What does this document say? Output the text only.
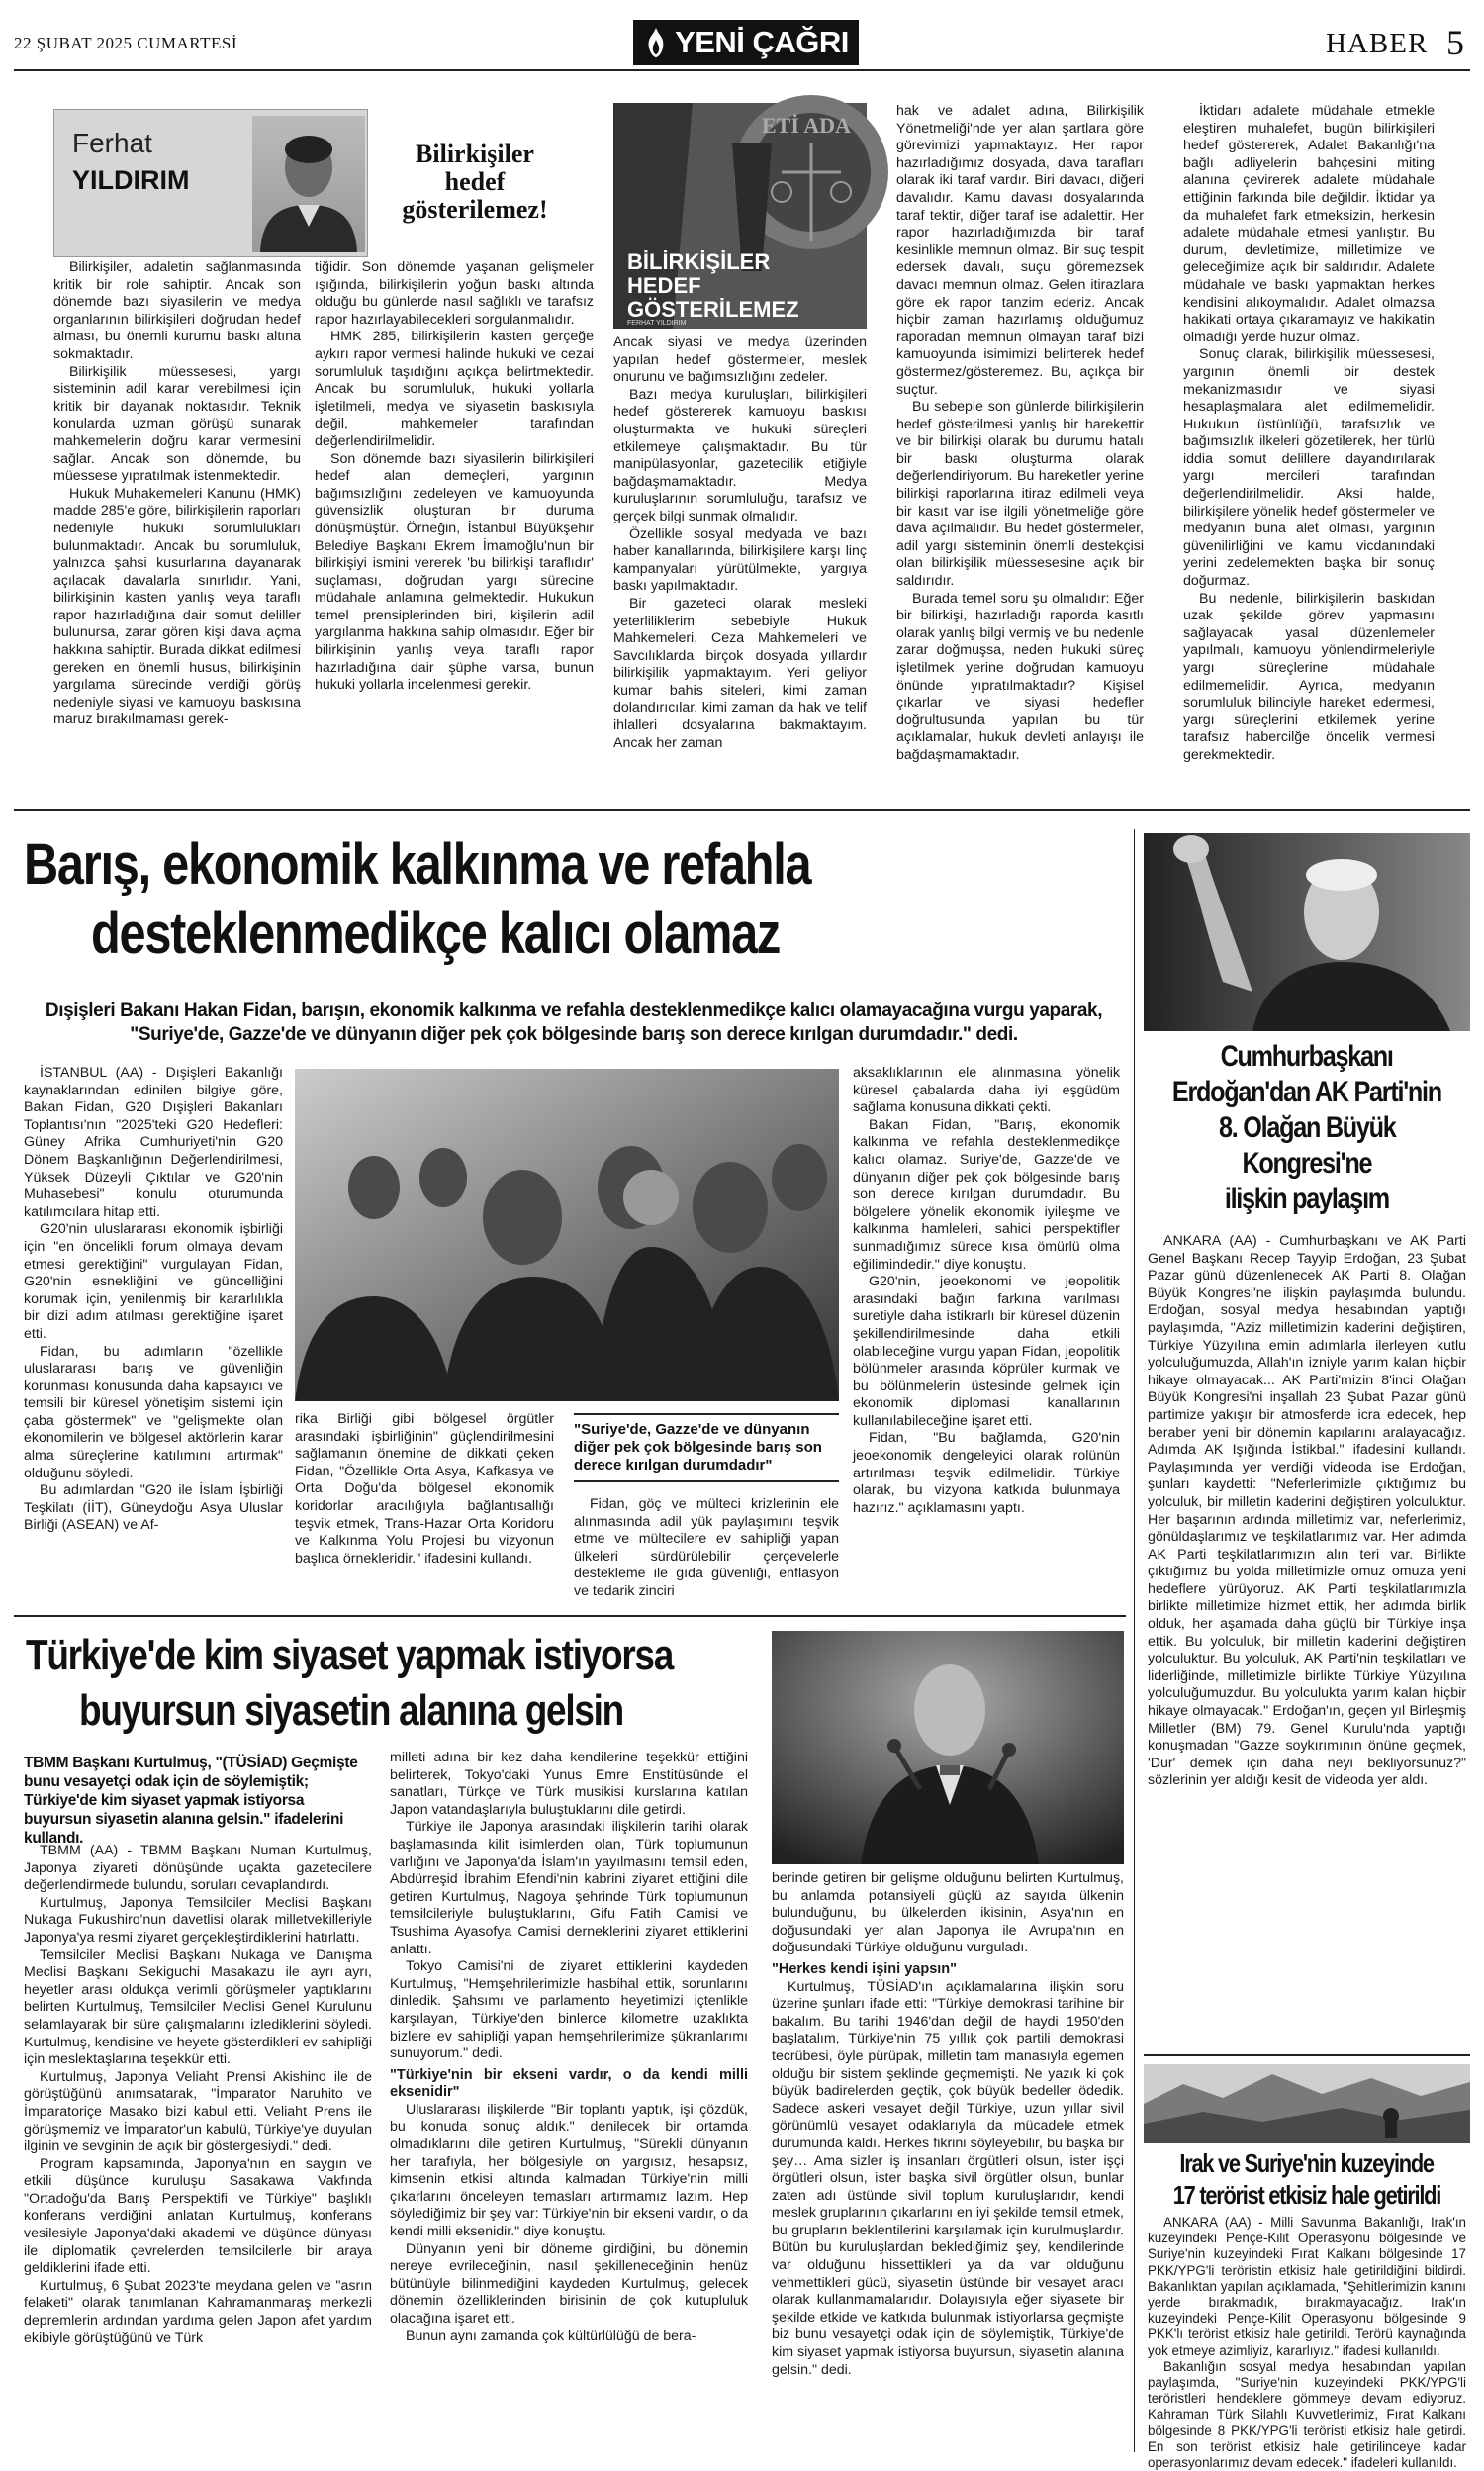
22 ŞUBAT 2025 CUMARTESİ	YENİ ÇAĞRI	HABER 5
Ferhat
YILDIRIM
Bilirkişiler
hedef
gösterilemez!
ETİ ADA
BİLİRKİŞİLER
HEDEF
GÖSTERİLEMEZ
FERHAT YILDIRIM

Bilirkişiler, adaletin sağlanmasında kritik bir role sahiptir. Ancak son dönemde bazı siyasilerin ve medya organlarının bilirkişileri doğrudan hedef alması, bu önemli kurumu baskı altına sokmaktadır.

Bilirkişilik müessesesi, yargı sisteminin adil karar verebilmesi için kritik bir dayanak noktasıdır. Teknik konularda uzman görüşü sunarak mahkemelerin doğru karar vermesini sağlar. Ancak son dönemde, bu müessese yıpratılmak istenmektedir.

Hukuk Muhakemeleri Kanunu (HMK) madde 285'e göre, bilirkişilerin raporları nedeniyle hukuki sorumlulukları bulunmaktadır. Ancak bu sorumluluk, yalnızca şahsi kusurlarına dayanarak açılacak davalarla sınırlıdır. Yani, bilirkişinin kasten yanlış veya taraflı rapor hazırladığına dair somut deliller bulunursa, zarar gören kişi dava açma hakkına sahiptir. Burada dikkat edilmesi gereken en önemli husus, bilirkişinin yargılama sürecinde verdiği görüş nedeniyle siyasi ve kamuoyu baskısına maruz bırakılmaması gerek-

tiğidir. Son dönemde yaşanan gelişmeler ışığında, bilirkişilerin yoğun baskı altında olduğu bu günlerde nasıl sağlıklı ve tarafsız rapor hazırlayabilecekleri sorgulanmalıdır.

HMK 285, bilirkişilerin kasten gerçeğe aykırı rapor vermesi halinde hukuki ve cezai sorumluluk taşıdığını açıkça belirtmektedir. Ancak bu sorumluluk, hukuki yollarla işletilmeli, medya ve siyasetin baskısıyla değil, mahkemeler tarafından değerlendirilmelidir.

Son dönemde bazı siyasilerin bilirkişileri hedef alan demeçleri, yargının bağımsızlığını zedeleyen ve kamuoyunda güvensizlik oluşturan bir duruma dönüşmüştür. Örneğin, İstanbul Büyükşehir Belediye Başkanı Ekrem İmamoğlu'nun bir bilirkişiyi ismini vererek 'bu bilirkişi taraflıdır' suçlaması, doğrudan yargı sürecine müdahale anlamına gelmektedir. Hukukun temel prensiplerinden biri, kişilerin adil yargılanma hakkına sahip olmasıdır. Eğer bir bilirkişinin yanlış veya taraflı rapor hazırladığına dair şüphe varsa, bunun hukuki yollarla incelenmesi gerekir.

Ancak siyasi ve medya üzerinden yapılan hedef göstermeler, meslek onurunu ve bağımsızlığını zedeler.

Bazı medya kuruluşları, bilirkişileri hedef göstererek kamuoyu baskısı oluşturmakta ve hukuki süreçleri etkilemeye çalışmaktadır. Bu tür manipülasyonlar, gazetecilik etiğiyle bağdaşmamaktadır. Medya kuruluşlarının sorumluluğu, tarafsız ve gerçek bilgi sunmak olmalıdır.

Özellikle sosyal medyada ve bazı haber kanallarında, bilirkişilere karşı linç kampanyaları yürütülmekte, yargıya baskı yapılmaktadır.

Bir gazeteci olarak mesleki yeterliliklerim sebebiyle Hukuk Mahkemeleri, Ceza Mahkemeleri ve Savcılıklarda birçok dosyada yıllardır bilirkişilik yapmaktayım. Yeri geliyor kumar bahis siteleri, kimi zaman dolandırıcılar, kimi zaman da hak ve telif ihlalleri dosyalarına bakmaktayım. Ancak her zaman

hak ve adalet adına, Bilirkişilik Yönetmeliği'nde yer alan şartlara göre görevimizi yapmaktayız. Her rapor hazırladığımız dosyada, dava tarafları olarak iki taraf vardır. Biri davacı, diğeri davalıdır. Kamu davası dosyalarında taraf tektir, diğer taraf ise adalettir. Her rapor hazırladığımızda bir taraf kesinlikle memnun olmaz. Bir suç tespit edersek davalı, suçu göremezsek davacı memnun olmaz. Gelen itirazlara göre ek rapor tanzim ederiz. Ancak hiçbir zaman hazırlamış olduğumuz raporadan memnun olmayan taraf bizi kamuoyunda isimimizi belirterek hedef göstermez/gösteremez. Bu, açıkça bir suçtur.

Bu sebeple son günlerde bilirkişilerin hedef gösterilmesi yanlış bir harekettir ve bir bilirkişi olarak bu durumu hatalı bir baskı oluşturma olarak değerlendiriyorum. Bu hareketler yerine bilirkişi raporlarına itiraz edilmeli veya bir kasıt var ise ilgili yönetmeliğe göre dava açılmalıdır. Bu hedef göstermeler, adil yargı sisteminin önemli destekçisi olan bilirkişilik müessesesine açık bir saldırıdır.

Burada temel soru şu olmalıdır: Eğer bir bilirkişi, hazırladığı raporda kasıtlı olarak yanlış bilgi vermiş ve bu nedenle zarar doğmuşsa, neden hukuki süreç işletilmek yerine doğrudan kamuoyu önünde yıpratılmaktadır? Kişisel çıkarlar ve siyasi hedefler doğrultusunda yapılan bu tür açıklamalar, hukuk devleti anlayışı ile bağdaşmamaktadır.

İktidarı adalete müdahale etmekle eleştiren muhalefet, bugün bilirkişileri hedef göstererek, Adalet Bakanlığı'na bağlı adliyelerin bahçesini miting alanına çevirerek adalete müdahale ettiğinin farkında bile değildir. İktidar ya da muhalefet fark etmeksizin, herkesin adalete müdahale etmesi yanlıştır. Bu durum, devletimize, milletimize ve geleceğimize açık bir saldırıdır. Adalete müdahale ve baskı yapmaktan herkes kendisini alıkoymalıdır. Adalet olmazsa hakikati ortaya çıkaramayız ve hakikatin olmadığı yerde huzur olmaz.

Sonuç olarak, bilirkişilik müessesesi, yargının önemli bir destek mekanizmasıdır ve siyasi hesaplaşmalara alet edilmemelidir. Hukukun üstünlüğü, tarafsızlık ve bağımsızlık ilkeleri gözetilerek, her türlü iddia somut delillere dayandırılarak yargı mercileri tarafından değerlendirilmelidir. Aksi halde, bilirkişilere yönelik hedef göstermeler ve medyanın buna alet olması, yargının güvenilirliğini ve kamu vicdanındaki yerini zedelemekten başka bir sonuç doğurmaz.

Bu nedenle, bilirkişilerin baskıdan uzak şekilde görev yapmasını sağlayacak yasal düzenlemeler yapılmalı, kamuoyu yönlendirmeleriyle yargı süreçlerine müdahale edilmemelidir. Ayrıca, medyanın sorumluluk bilinciyle hareket edermesi, yargı süreçlerini etkilemek yerine tarafsız habercilğe öncelik vermesi gerekmektedir.

Barış, ekonomik kalkınma ve refahla
desteklenmedikçe kalıcı olamaz
Dışişleri Bakanı Hakan Fidan, barışın, ekonomik kalkınma ve refahla desteklenmedikçe kalıcı olamayacağına vurgu yaparak, "Suriye'de, Gazze'de ve dünyanın diğer pek çok bölgesinde barış son derece kırılgan durumdadır." dedi.

İSTANBUL (AA) - Dışişleri Bakanlığı kaynaklarından edinilen bilgiye göre, Bakan Fidan, G20 Dışişleri Bakanları Toplantısı'nın "2025'teki G20 Hedefleri: Güney Afrika Cumhuriyeti'nin G20 Dönem Başkanlığının Değerlendirilmesi, Yüksek Düzeyli Çıktılar ve G20'nin Muhasebesi" konulu oturumunda katılımcılara hitap etti.

G20'nin uluslararası ekonomik işbirliği için "en öncelikli forum olmaya devam etmesi gerektiğini" vurgulayan Fidan, G20'nin esnekliğini ve güncelliğini korumak için, yenilenmiş bir kararlılıkla bir dizi adım atılması gerektiğine işaret etti.

Fidan, bu adımların "özellikle uluslararası barış ve güvenliğin korunması konusunda daha kapsayıcı ve temsili bir küresel yönetişim sistemi için çaba göstermek" ve "gelişmekte olan ekonomilerin ve bölgesel aktörlerin karar alma süreçlerine katılımını artırmak" olduğunu söyledi.

Bu adımlardan "G20 ile İslam İşbirliği Teşkilatı (İİT), Güneydoğu Asya Uluslar Birliği (ASEAN) ve Af-

rika Birliği gibi bölgesel örgütler arasındaki işbirliğinin" güçlendirilmesini sağlamanın önemine de dikkati çeken Fidan, "Özellikle Orta Asya, Kafkasya ve Orta Doğu'da bölgesel ekonomik koridorlar aracılığıyla bağlantısallığı teşvik etmek, Trans-Hazar Orta Koridoru ve Kalkınma Yolu Projesi bu vizyonun başlıca örnekleridir." ifadesini kullandı.

"Suriye'de, Gazze'de ve dünyanın diğer pek çok bölgesinde barış son derece kırılgan durumdadır"

Fidan, göç ve mülteci krizlerinin ele alınmasında adil yük paylaşımını teşvik etme ve mültecilere ev sahipliği yapan ülkeleri sürdürülebilir çerçevelerle destekleme ile gıda güvenliği, enflasyon ve tedarik zinciri

aksaklıklarının ele alınmasına yönelik küresel çabalarda daha iyi eşgüdüm sağlama konusuna dikkati çekti.

Bakan Fidan, "Barış, ekonomik kalkınma ve refahla desteklenmedikçe kalıcı olamaz. Suriye'de, Gazze'de ve dünyanın diğer pek çok bölgesinde barış son derece kırılgan durumdadır. Bu bölgelere yönelik ekonomik iyileşme ve kalkınma hamleleri, sahici perspektifler sunmadığımız sürece kısa ömürlü olma eğilimindedir." diye konuştu.

G20'nin, jeoekonomi ve jeopolitik arasındaki bağın farkına varılması suretiyle daha istikrarlı bir küresel düzenin şekillendirilmesinde daha etkili olabileceğine vurgu yapan Fidan, jeopolitik bölünmeler arasında köprüler kurmak ve bu bölünmelerin üstesinde gelmek için ekonomik diplomasi kanallarının kullanılabileceğine işaret etti.

Fidan, "Bu bağlamda, G20'nin jeoekonomik dengeleyici olarak rolünün artırılması teşvik edilmelidir. Türkiye olarak, bu vizyona katkıda bulunmaya hazırız." açıklamasını yaptı.

Türkiye'de kim siyaset yapmak istiyorsa
buyursun siyasetin alanına gelsin
TBMM Başkanı Kurtulmuş, "(TÜSİAD) Geçmişte bunu vesayetçi odak için de söylemiştik; Türkiye'de kim siyaset yapmak istiyorsa buyursun siyasetin alanına gelsin." ifadelerini kullandı.

TBMM (AA) - TBMM Başkanı Numan Kurtulmuş, Japonya ziyareti dönüşünde uçakta gazetecilere değerlendirmede bulundu, soruları cevaplandırdı.

Kurtulmuş, Japonya Temsilciler Meclisi Başkanı Nukaga Fukushiro'nun davetlisi olarak milletvekilleriyle Japonya'ya resmi ziyaret gerçekleştirdiklerini hatırlattı.

Temsilciler Meclisi Başkanı Nukaga ve Danışma Meclisi Başkanı Sekiguchi Masakazu ile ayrı ayrı, heyetler arası oldukça verimli görüşmeler yaptıklarını belirten Kurtulmuş, Temsilciler Meclisi Genel Kurulunu selamlayarak bir süre çalışmalarını izlediklerini söyledi. Kurtulmuş, kendisine ve heyete gösterdikleri ev sahipliği için meslektaşlarına teşekkür etti.

Kurtulmuş, Japonya Veliaht Prensi Akishino ile de görüştüğünü anımsatarak, "İmparator Naruhito ve İmparatoriçe Masako bizi kabul etti. Veliaht Prens ile görüşmemiz ve İmparator'un kabulü, Türkiye'ye duyulan ilginin ve sevginin de açık bir göstergesiydi." dedi.

Program kapsamında, Japonya'nın en saygın ve etkili düşünce kuruluşu Sasakawa Vakfında "Ortadoğu'da Barış Perspektifi ve Türkiye" başlıklı konferans verdiğini anlatan Kurtulmuş, konferans vesilesiyle Japonya'daki akademi ve düşünce dünyası ile diplomatik çevrelerden temsilcilerle bir araya geldiklerini ifade etti.

Kurtulmuş, 6 Şubat 2023'te meydana gelen ve "asrın felaketi" olarak tanımlanan Kahramanmaraş merkezli depremlerin ardından yardıma gelen Japon afet yardım ekibiyle görüştüğünü ve Türk

milleti adına bir kez daha kendilerine teşekkür ettiğini belirterek, Tokyo'daki Yunus Emre Enstitüsünde el sanatları, Türkçe ve Türk musikisi kurslarına katılan Japon vatandaşlarıyla buluştuklarını dile getirdi.

Türkiye ile Japonya arasındaki ilişkilerin tarihi olarak başlamasında kilit isimlerden olan, Türk toplumunun varlığını ve Japonya'da İslam'ın yayılmasını temsil eden, Abdürreşid İbrahim Efendi'nin kabrini ziyaret ettiğini dile getiren Kurtulmuş, Nagoya şehrinde Türk toplumunun temsilcileriyle buluştuklarını, Gifu Fatih Camisi ve Tsushima Ayasofya Camisi derneklerini ziyaret ettiklerini anlattı.

Tokyo Camisi'ni de ziyaret ettiklerini kaydeden Kurtulmuş, "Hemşehrilerimizle hasbihal ettik, sorunlarını dinledik. Şahsımı ve parlamento heyetimizi içtenlikle karşılayan, Türkiye'den binlerce kilometre uzaklıkta bizlere ev sahipliği yapan hemşehrilerimize şükranlarımı sunuyorum." dedi.

"Türkiye'nin bir ekseni vardır, o da kendi milli eksenidir"

Uluslararası ilişkilerde "Bir toplantı yaptık, işi çözdük, bu konuda sonuç aldık." denilecek bir ortamda olmadıklarını dile getiren Kurtulmuş, "Sürekli dünyanın her tarafıyla, her bölgesiyle on yargısız, hesapsız, kimsenin etkisi altında kalmadan Türkiye'nin milli çıkarlarını önceleyen temasları artırmamız lazım. Hep söylediğimiz bir şey var: Türkiye'nin bir ekseni vardır, o da kendi milli eksenidir." diye konuştu.

Dünyanın yeni bir döneme girdiğini, bu dönemin nereye evrileceğinin, nasıl şekilleneceğinin henüz bütünüyle bilinmediğini kaydeden Kurtulmuş, gelecek dönemin özelliklerinden birisinin de çok kutupluluk olacağına işaret etti.

Bunun aynı zamanda çok kültürlülüğü de bera-

berinde getiren bir gelişme olduğunu belirten Kurtulmuş, bu anlamda potansiyeli güçlü az sayıda ülkenin bulunduğunu, bu ülkelerden ikisinin, Asya'nın en doğusundaki yer alan Japonya ile Avrupa'nın en doğusundaki Türkiye olduğunu vurguladı.

"Herkes kendi işini yapsın"

Kurtulmuş, TÜSİAD'ın açıklamalarına ilişkin soru üzerine şunları ifade etti: "Türkiye demokrasi tarihine bir bakalım. Bu tarihi 1946'dan değil de haydi 1950'den başlatalım, Türkiye'nin 75 yıllık çok partili demokrasi tecrübesi, öyle pürüpak, milletin tam manasıyla egemen olduğu bir sistem şeklinde geçmemişti. Ne yazık ki çok büyük badirelerden geçtik, çok büyük bedeller ödedik. Sadece askeri vesayet değil Türkiye, uzun yıllar sivil görünümlü vesayet odaklarıyla da mücadele etmek durumunda kaldı. Herkes fikrini söyleyebilir, bu başka bir şey… Ama sizler iş insanları örgütleri olsun, ister işçi örgütleri olsun, ister başka sivil örgütler olsun, bunlar zaten adı üstünde sivil toplum kuruluşlarıdır, kendi meslek gruplarının çıkarlarını en iyi şekilde temsil etmek, bu grupların beklentilerini karşılamak için kurulmuşlardır. Bütün bu kuruluşlardan beklediğimiz şey, kendilerinde var olduğunu hissettikleri ya da var olduğunu vehmettikleri gücü, siyasetin üstünde bir vesayet aracı olarak kullanmamalarıdır. Dolayısıyla eğer siyasete bir şekilde etkide ve katkıda bulunmak istiyorlarsa geçmişte biz bunu vesayetçi odak için de söylemiştik, Türkiye'de kim siyaset yapmak istiyorsa buyursun, siyasetin alanına gelsin." dedi.

Cumhurbaşkanı
Erdoğan'dan AK Parti'nin
8. Olağan Büyük
Kongresi'ne
ilişkin paylaşım

ANKARA (AA) - Cumhurbaşkanı ve AK Parti Genel Başkanı Recep Tayyip Erdoğan, 23 Şubat Pazar günü düzenlenecek AK Parti 8. Olağan Büyük Kongresi'ne ilişkin paylaşımda bulundu. Erdoğan, sosyal medya hesabından yaptığı paylaşımda, "Aziz milletimizin kaderini değiştiren, Türkiye Yüzyılına emin adımlarla ilerleyen kutlu yolculuğumuzda, Allah'ın izniyle yarım kalan hiçbir hikaye olmayacak... AK Parti'mizin 8'inci Olağan Büyük Kongresi'ni inşallah 23 Şubat Pazar günü partimize yakışır bir atmosferde icra edecek, hep beraber yeni bir dönemin kapılarını aralayacağız. Adımda AK Işığında İstikbal." ifadesini kullandı. Paylaşımında yer verdiği videoda ise Erdoğan, şunları kaydetti: "Neferlerimizle çıktığımız bu yolculuk, bir milletin kaderini değiştiren yolculuktur. Her başarının ardında milletimiz var, neferlerimiz, gönüldaşlarımız ve teşkilatlarımız var. Her adımda AK Parti teşkilatlarımızın alın teri var. Birlikte çıktığımız bu yolda milletimizle omuz omuza yeni hedeflere yürüyoruz. AK Parti teşkilatlarımızla birlikte milletimize hizmet ettik, her adımda birlik olduk, her aşamada daha güçlü bir Türkiye inşa ettik. Bu yolculuk, bir milletin kaderini değiştiren yolculuktur. Bu yolculuk, AK Parti'nin teşkilatları ve liderliğinde, milletimizle birlikte Türkiye Yüzyılına yolculuğumuzdur. Bu yolculukta yarım kalan hiçbir hikaye olmayacak." Erdoğan'ın, geçen yıl Birleşmiş Milletler (BM) 79. Genel Kurulu'nda yaptığı konuşmadan "Gazze soykırımının önüne geçmek, 'Dur' demek için daha neyi bekliyorsunuz?" sözlerinin yer aldığı kesit de videoda yer aldı.

Irak ve Suriye'nin kuzeyinde
17 terörist etkisiz hale getirildi

ANKARA (AA) - Milli Savunma Bakanlığı, Irak'ın kuzeyindeki Pençe-Kilit Operasyonu bölgesinde ve Suriye'nin kuzeyindeki Fırat Kalkanı bölgesinde 17 PKK/YPG'li teröristin etkisiz hale getirildiğini bildirdi. Bakanlıktan yapılan açıklamada, "Şehitlerimizin kanını yerde bırakmadık, bırakmayacağız. Irak'ın kuzeyindeki Pençe-Kilit Operasyonu bölgesinde 9 PKK'lı terörist etkisiz hale getirildi. Terörü kaynağında yok etmeye azimliyiz, kararlıyız." ifadesi kullanıldı.

Bakanlığın sosyal medya hesabından yapılan paylaşımda, "Suriye'nin kuzeyindeki PKK/YPG'li teröristleri hendeklere gömmeye devam ediyoruz. Kahraman Türk Silahlı Kuvvetlerimiz, Fırat Kalkanı bölgesinde 8 PKK/YPG'li teröristi etkisiz hale getirdi. En son terörist etkisiz hale getirilinceye kadar operasyonlarımız devam edecek." ifadeleri kullanıldı.
